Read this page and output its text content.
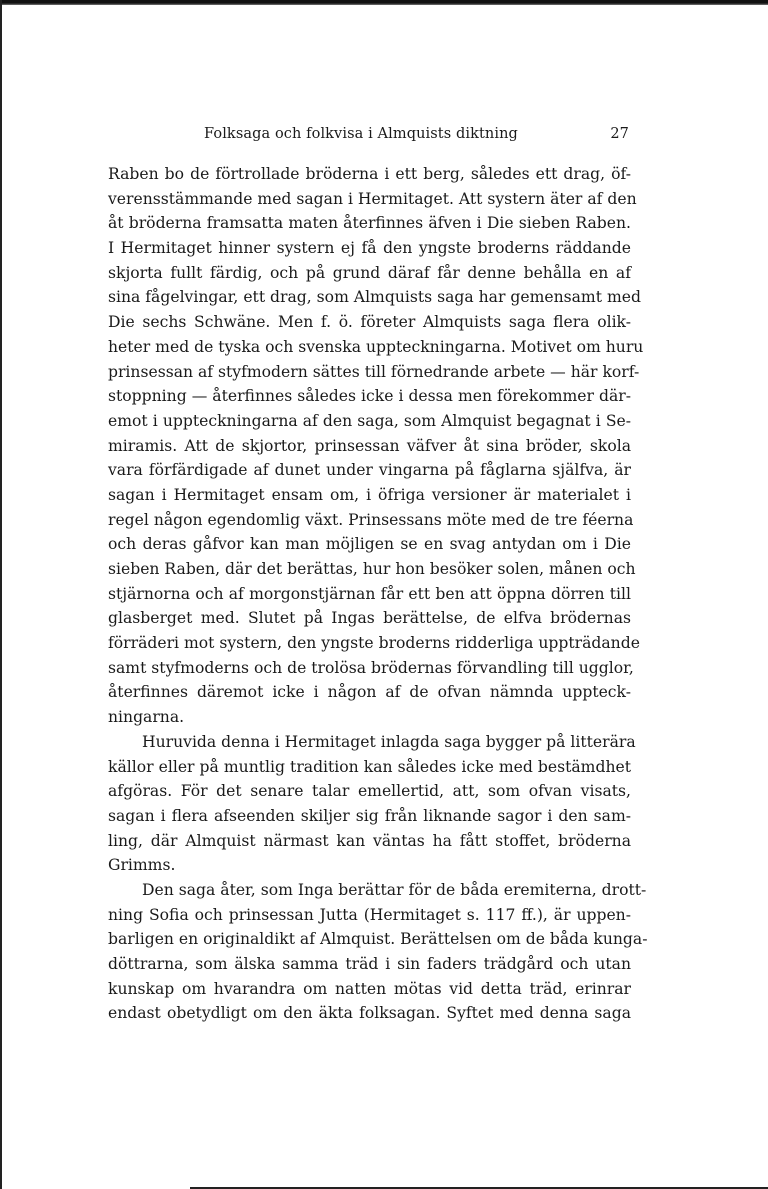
Folksaga och folkvisa i Almquists diktning	27
Raben bo de förtrollade bröderna i ett berg, således ett drag, öf-
verensstämmande med sagan i Hermitaget. Att systern äter af den
åt bröderna framsatta maten återfinnes äfven i Die sieben Raben.
I Hermitaget hinner systern ej få den yngste broderns räddande
skjorta fullt färdig, och på grund däraf får denne behålla en af
sina fågelvingar, ett drag, som Almquists saga har gemensamt med
Die sechs Schwäne. Men f. ö. företer Almquists saga flera olik-
heter med de tyska och svenska uppteckningarna. Motivet om huru
prinsessan af styfmodern sättes till förnedrande arbete — här korf-
stoppning — återfinnes således icke i dessa men förekommer där-
emot i uppteckningarna af den saga, som Almquist begagnat i Se-
miramis. Att de skjortor, prinsessan väfver åt sina bröder, skola
vara förfärdigade af dunet under vingarna på fåglarna själfva, är
sagan i Hermitaget ensam om, i öfriga versioner är materialet i
regel någon egendomlig växt. Prinsessans möte med de tre féerna
och deras gåfvor kan man möjligen se en svag antydan om i Die
sieben Raben, där det berättas, hur hon besöker solen, månen och
stjärnorna och af morgonstjärnan får ett ben att öppna dörren till
glasberget med. Slutet på Ingas berättelse, de elfva brödernas
förräderi mot systern, den yngste broderns ridderliga uppträdande
samt styfmoderns och de trolösa brödernas förvandling till ugglor,
återfinnes däremot icke i någon af de ofvan nämnda uppteck-
ningarna.
Huruvida denna i Hermitaget inlagda saga bygger på litterära
källor eller på muntlig tradition kan således icke med bestämdhet
afgöras. För det senare talar emellertid, att, som ofvan visats,
sagan i flera afseenden skiljer sig från liknande sagor i den sam-
ling, där Almquist närmast kan väntas ha fått stoffet, bröderna
Grimms.
Den saga åter, som Inga berättar för de båda eremiterna, drott-
ning Sofia och prinsessan Jutta (Hermitaget s. 117 ff.), är uppen-
barligen en originaldikt af Almquist. Berättelsen om de båda kunga-
döttrarna, som älska samma träd i sin faders trädgård och utan
kunskap om hvarandra om natten mötas vid detta träd, erinrar
endast obetydligt om den äkta folksagan. Syftet med denna saga
